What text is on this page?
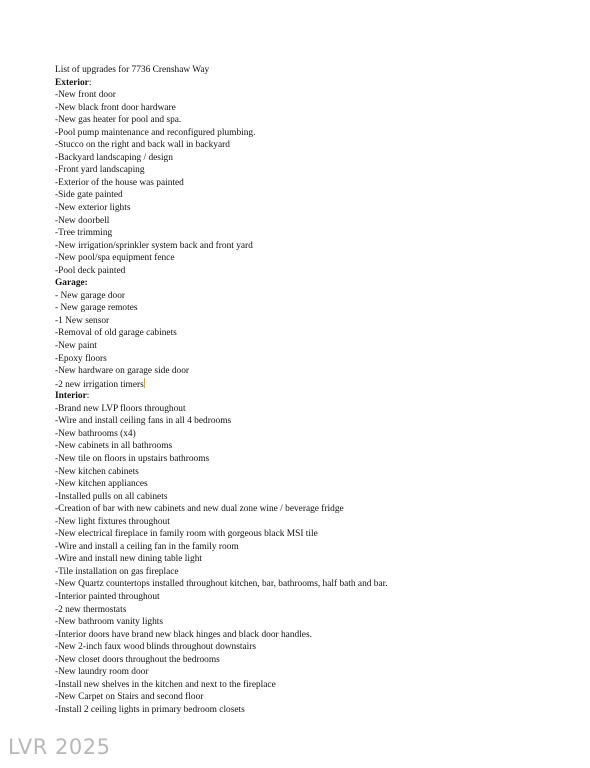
List of upgrades for 7736 Crenshaw Way
Exterior:
-New front door
-New black front door hardware
-New gas heater for pool and spa.
-Pool pump maintenance and reconfigured plumbing.
-Stucco on the right and back wall in backyard
-Backyard landscaping / design
-Front yard landscaping
-Exterior of the house was painted
-Side gate painted
-New exterior lights
-New doorbell
-Tree trimming
-New irrigation/sprinkler system back and front yard
-New pool/spa equipment fence
-Pool deck painted
Garage:
- New garage door
- New garage remotes
-1 New sensor
-Removal of old garage cabinets
-New paint
-Epoxy floors
-New hardware on garage side door
-2 new irrigation timers
Interior:
-Brand new LVP floors throughout
-Wire and install ceiling fans in all 4 bedrooms
-New bathrooms (x4)
-New cabinets in all bathrooms
-New tile on floors in upstairs bathrooms
-New kitchen cabinets
-New kitchen appliances
-Installed pulls on all cabinets
-Creation of bar with new cabinets and new dual zone wine / beverage fridge
-New light fixtures throughout
-New electrical fireplace in family room with gorgeous black MSI tile
-Wire and install a ceiling fan in the family room
-Wire and install new dining table light
-Tile installation on gas fireplace
-New Quartz countertops installed throughout kitchen, bar, bathrooms, half bath and bar.
-Interior painted throughout
-2 new thermostats
-New bathroom vanity lights
-Interior doors have brand new black hinges and black door handles.
-New 2-inch faux wood blinds throughout downstairs
-New closet doors throughout the bedrooms
-New laundry room door
-Install new shelves in the kitchen and next to the fireplace
-New Carpet on Stairs and second floor
-Install 2 ceiling lights in primary bedroom closets
LVR 2025
